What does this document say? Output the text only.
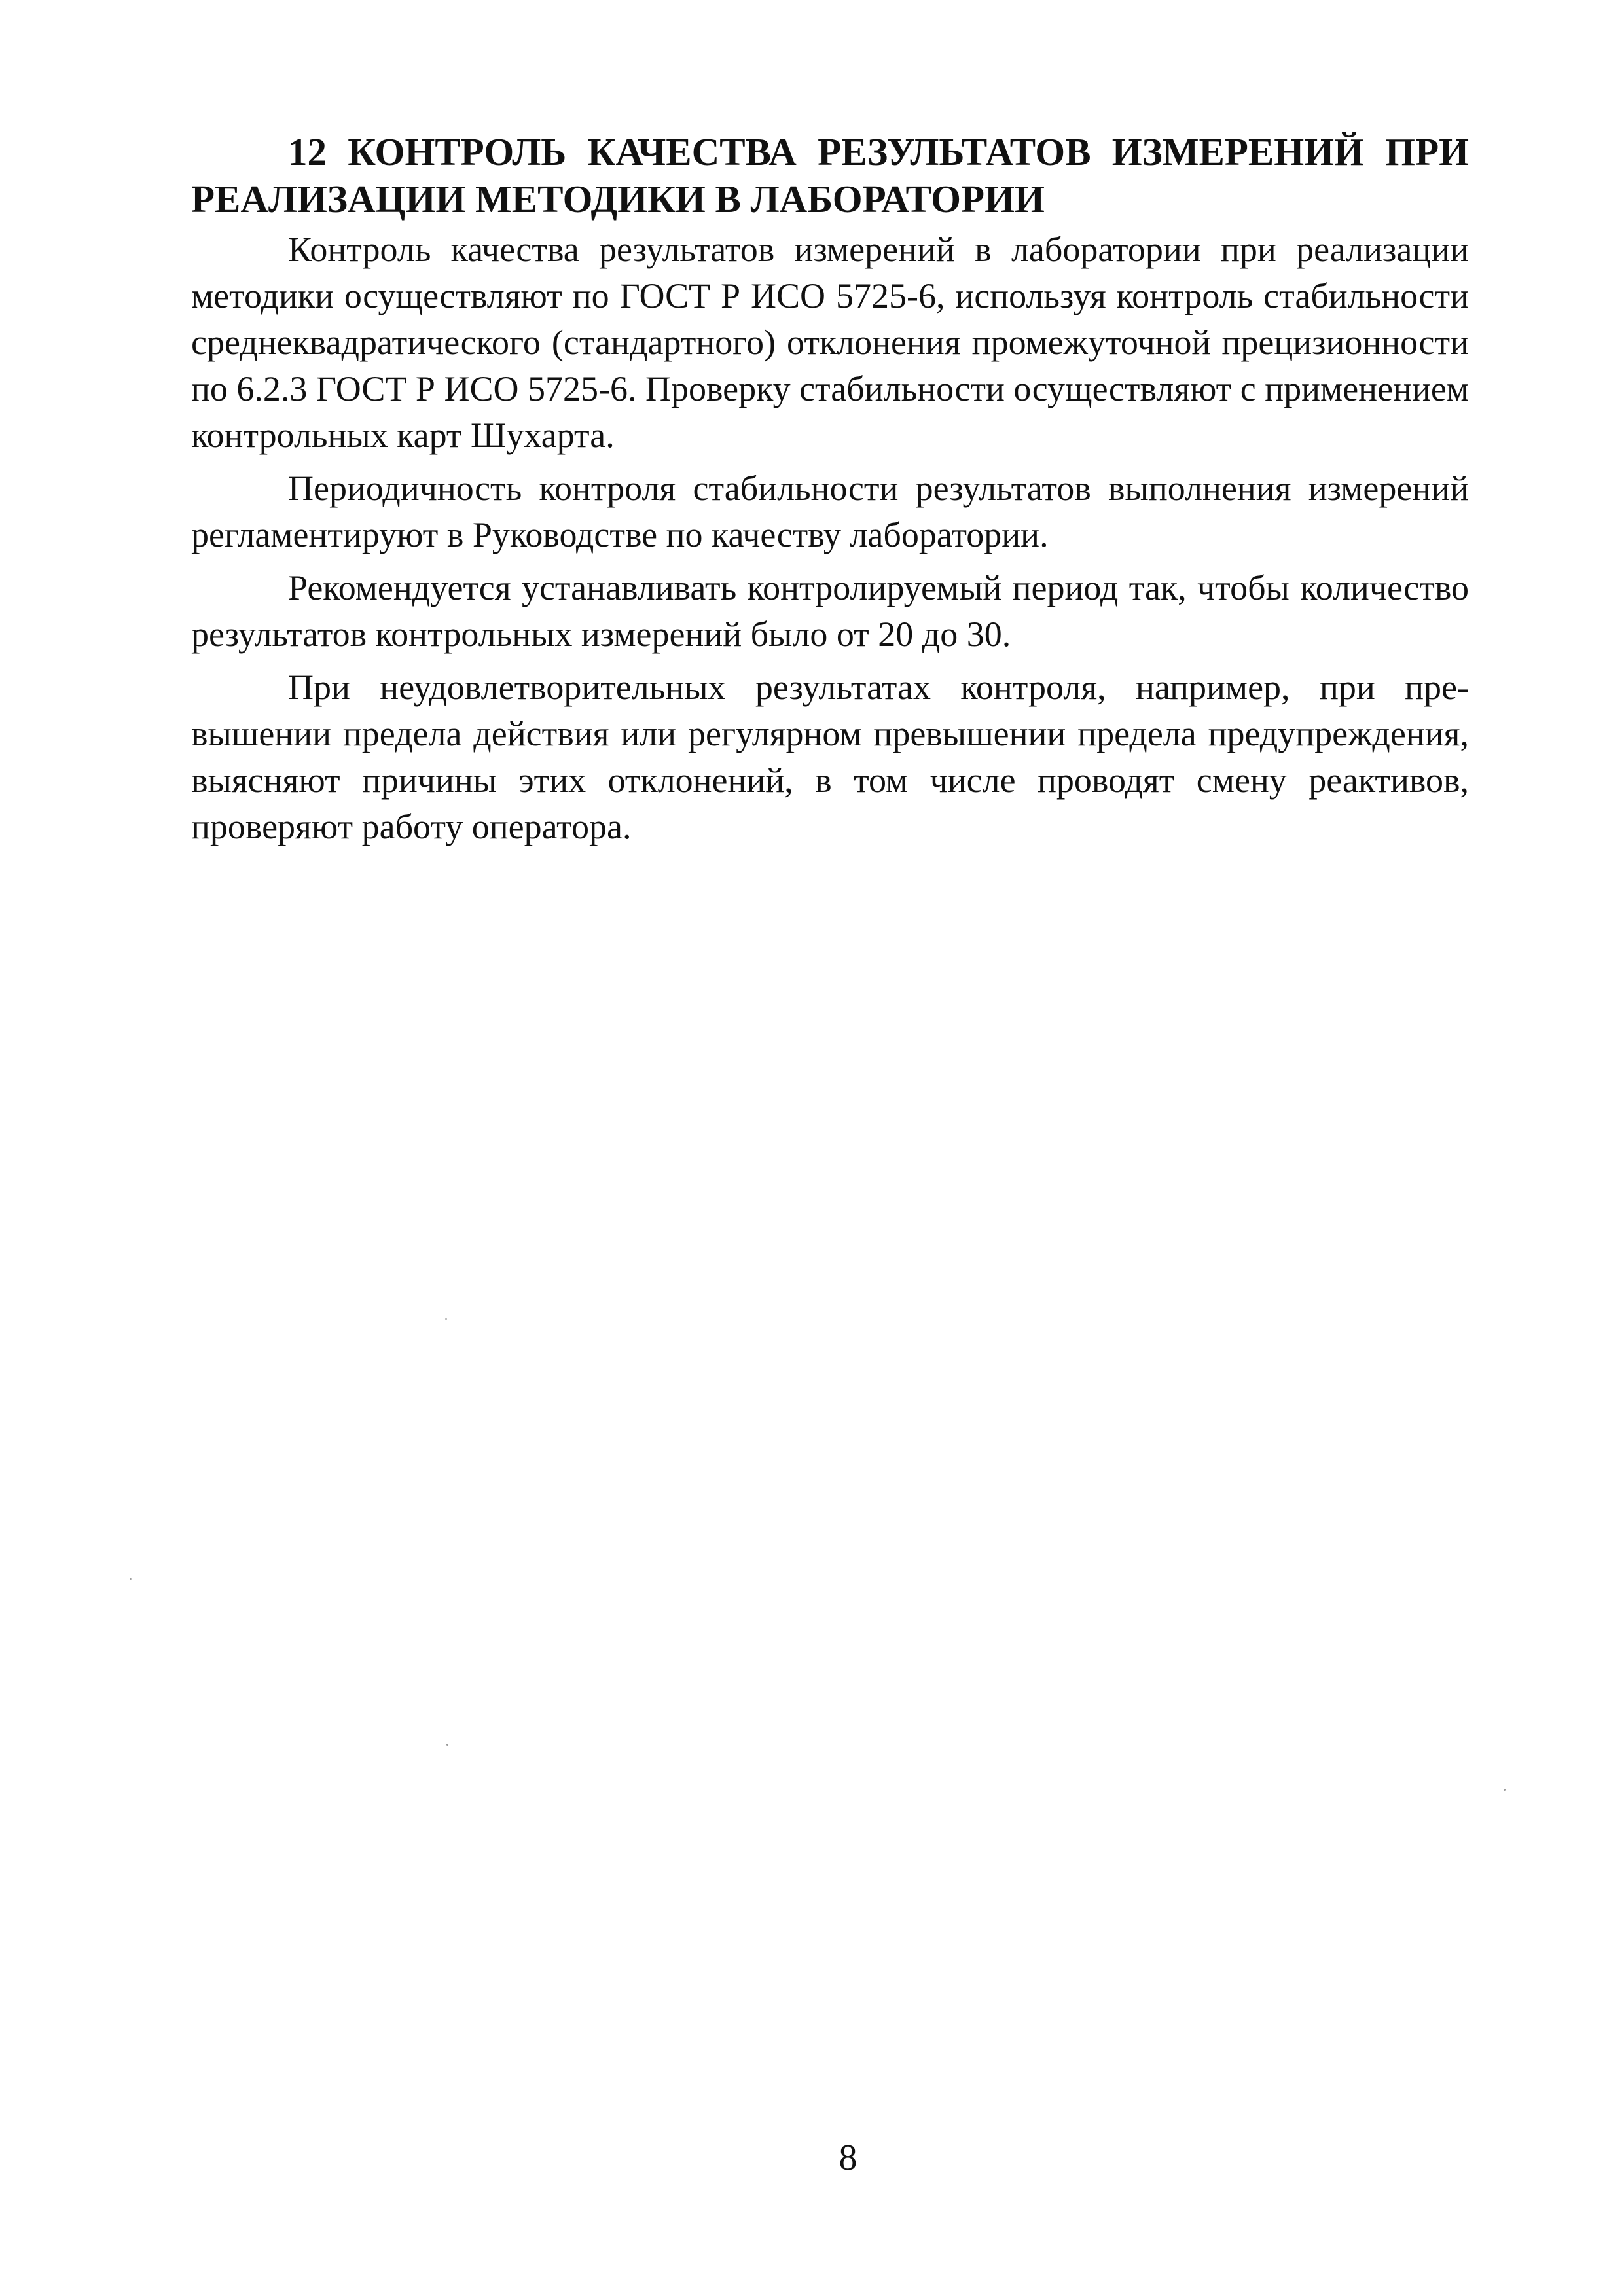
12 КОНТРОЛЬ КАЧЕСТВА РЕЗУЛЬТАТОВ ИЗМЕРЕНИЙ ПРИ РЕАЛИЗАЦИИ МЕТОДИКИ В ЛАБОРАТОРИИ

Контроль качества результатов измерений в лаборатории при реализации методики осуществляют по ГОСТ Р ИСО 5725-6, используя контроль стабильности среднеквадратического (стандартного) отклонения промежуточной прецизионности по 6.2.3 ГОСТ Р ИСО 5725-6. Проверку стабильности осуществляют с применением контрольных карт Шухарта.

Периодичность контроля стабильности результатов выполнения измерений регламентируют в Руководстве по качеству лаборатории.

Рекомендуется устанавливать контролируемый период так, чтобы количество результатов контрольных измерений было от 20 до 30.

При неудовлетворительных результатах контроля, например, при превышении предела действия или регулярном превышении предела предупреждения, выясняют причины этих отклонений, в том числе проводят смену реактивов, проверяют работу оператора.

8
